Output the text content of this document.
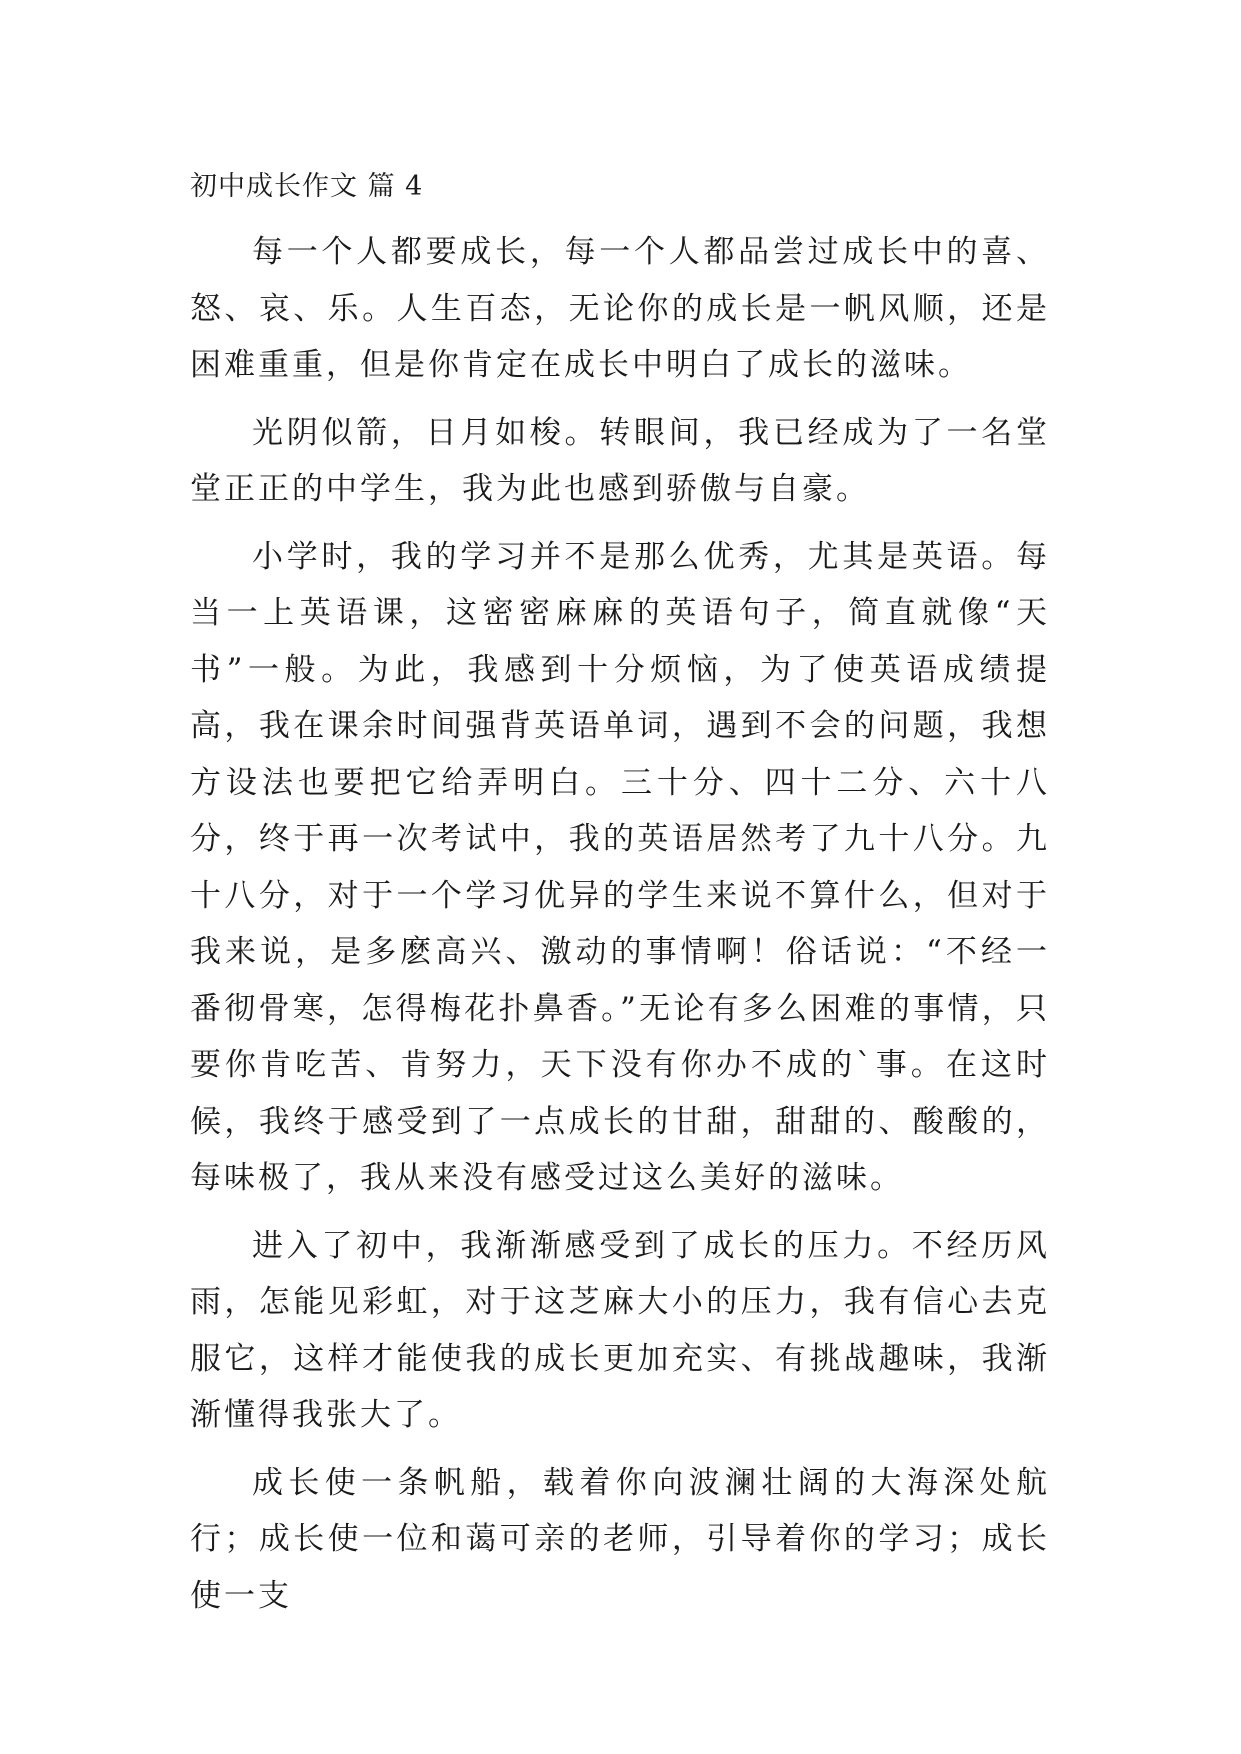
初中成长作文 篇 4

每一个人都要成长，每一个人都品尝过成长中的喜、怒、哀、乐。人生百态，无论你的成长是一帆风顺，还是困难重重，但是你肯定在成长中明白了成长的滋味。

光阴似箭，日月如梭。转眼间，我已经成为了一名堂堂正正的中学生，我为此也感到骄傲与自豪。

小学时，我的学习并不是那么优秀，尤其是英语。每当一上英语课，这密密麻麻的英语句子，简直就像“天书”一般。为此，我感到十分烦恼，为了使英语成绩提高，我在课余时间强背英语单词，遇到不会的问题，我想方设法也要把它给弄明白。三十分、四十二分、六十八分，终于再一次考试中，我的英语居然考了九十八分。九十八分，对于一个学习优异的学生来说不算什么，但对于我来说，是多麽高兴、激动的事情啊！俗话说：“不经一番彻骨寒，怎得梅花扑鼻香。”无论有多么困难的事情，只要你肯吃苦、肯努力，天下没有你办不成的`事。在这时候，我终于感受到了一点成长的甘甜，甜甜的、酸酸的，每味极了，我从来没有感受过这么美好的滋味。

进入了初中，我渐渐感受到了成长的压力。不经历风雨，怎能见彩虹，对于这芝麻大小的压力，我有信心去克服它，这样才能使我的成长更加充实、有挑战趣味，我渐渐懂得我张大了。

成长使一条帆船，载着你向波澜壮阔的大海深处航行；成长使一位和蔼可亲的老师，引导着你的学习；成长使一支
